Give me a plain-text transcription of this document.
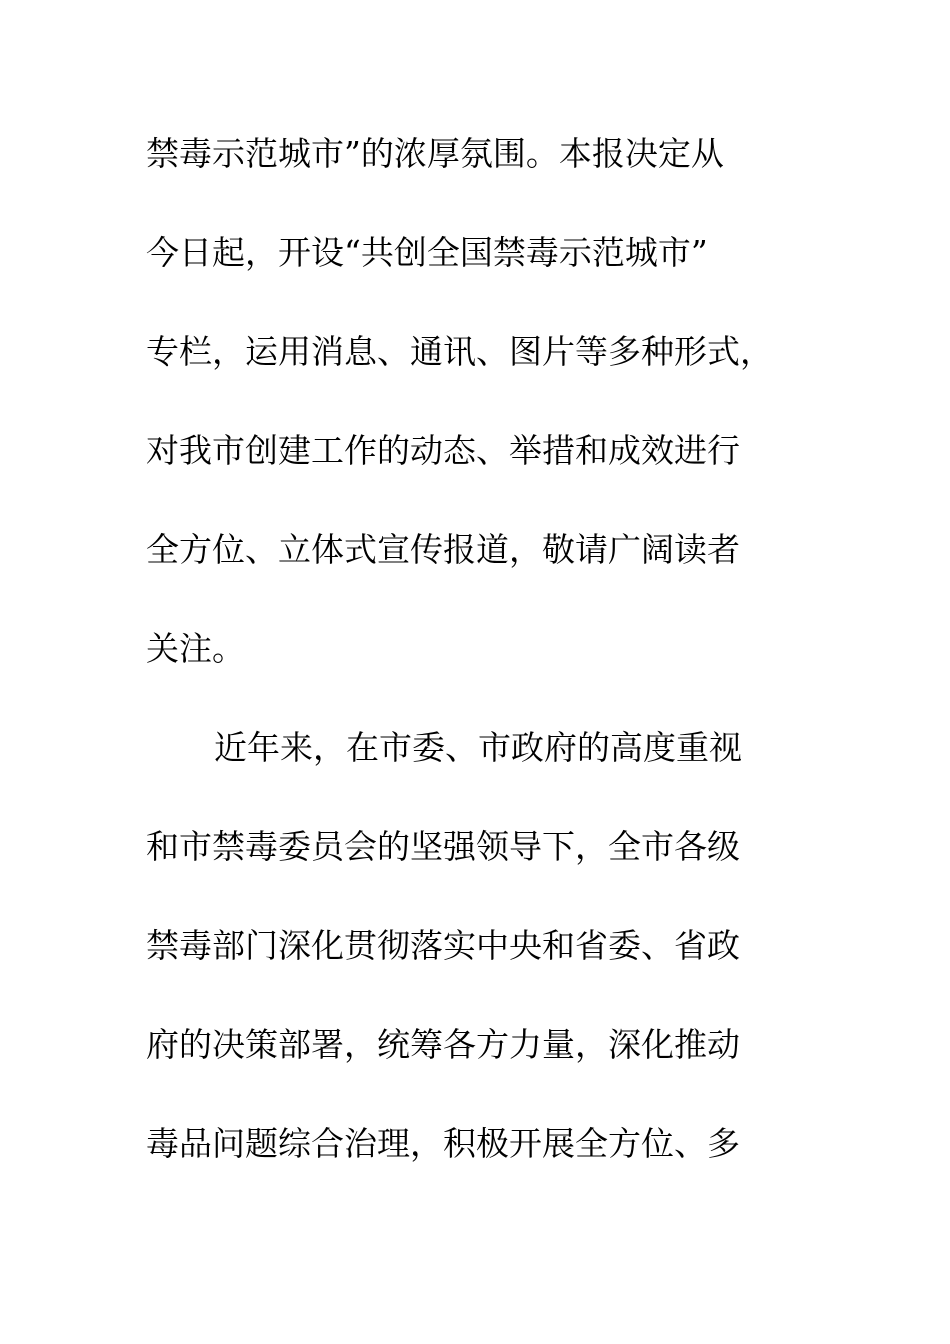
禁毒示范城市”的浓厚氛围。本报决定从
今日起，开设“共创全国禁毒示范城市”
专栏，运用消息、通讯、图片等多种形式，
对我市创建工作的动态、举措和成效进行
全方位、立体式宣传报道，敬请广阔读者
关注。
近年来，在市委、市政府的高度重视
和市禁毒委员会的坚强领导下，全市各级
禁毒部门深化贯彻落实中央和省委、省政
府的决策部署，统筹各方力量，深化推动
毒品问题综合治理，积极开展全方位、多
